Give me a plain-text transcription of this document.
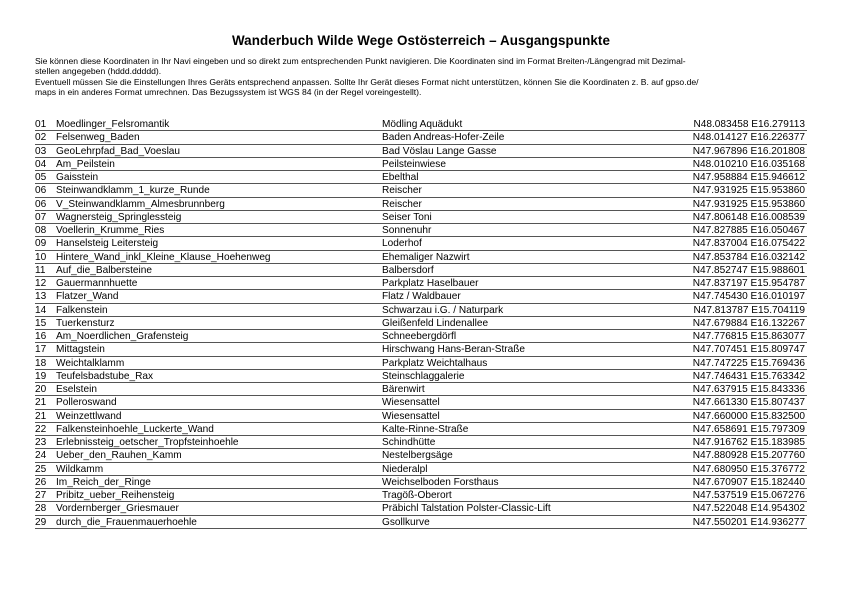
Wanderbuch Wilde Wege Ostösterreich – Ausgangspunkte

Sie können diese Koordinaten in Ihr Navi eingeben und so direkt zum entsprechenden Punkt navigieren. Die Koordinaten sind im Format Breiten-/Längengrad mit Dezimal-

stellen angegeben (hddd.ddddd).

Eventuell müssen Sie die Einstellungen Ihres Geräts entsprechend anpassen. Sollte Ihr Gerät dieses Format nicht unterstützen, können Sie die Koordinaten z. B. auf gpso.de/

maps in ein anderes Format umrechnen. Das Bezugssystem ist WGS 84 (in der Regel voreingestellt).

01 Moedlinger_Felsromantik	Mödling Aquädukt	N48.083458 E16.279113
02 Felsenweg_Baden	Baden Andreas-Hofer-Zeile	N48.014127 E16.226377
03 GeoLehrpfad_Bad_Voeslau	Bad Vöslau Lange Gasse	N47.967896 E16.201808
04 Am_Peilstein	Peilsteinwiese	N48.010210 E16.035168
05 Gaisstein	Ebelthal	N47.958884 E15.946612
06 Steinwandklamm_1_kurze_Runde	Reischer	N47.931925 E15.953860
06 V_Steinwandklamm_Almesbrunnberg	Reischer	N47.931925 E15.953860
07 Wagnersteig_Springlessteig	Seiser Toni	N47.806148 E16.008539
08 Voellerin_Krumme_Ries	Sonnenuhr	N47.827885 E16.050467
09 Hanselsteig Leitersteig	Loderhof	N47.837004 E16.075422
10 Hintere_Wand_inkl_Kleine_Klause_Hoehenweg	Ehemaliger Nazwirt	N47.853784 E16.032142
11 Auf_die_Balbersteine	Balbersdorf	N47.852747 E15.988601
12 Gauermannhuette	Parkplatz Haselbauer	N47.837197 E15.954787
13 Flatzer_Wand	Flatz / Waldbauer	N47.745430 E16.010197
14 Falkenstein	Schwarzau i.G. / Naturpark	N47.813787 E15.704119
15 Tuerkensturz	Gleißenfeld Lindenallee	N47.679884 E16.132267
16 Am_Noerdlichen_Grafensteig	Schneebergdörfl	N47.776815 E15.863077
17 Mittagstein	Hirschwang Hans-Beran-Straße	N47.707451 E15.809747
18 Weichtalklamm	Parkplatz Weichtalhaus	N47.747225 E15.769436
19 Teufelsbadstube_Rax	Steinschlaggalerie	N47.746431 E15.763342
20 Eselstein	Bärenwirt	N47.637915 E15.843336
21 Polleroswand	Wiesensattel	N47.661330 E15.807437
21 Weinzettlwand	Wiesensattel	N47.660000 E15.832500
22 Falkensteinhoehle_Luckerte_Wand	Kalte-Rinne-Straße	N47.658691 E15.797309
23 Erlebnissteig_oetscher_Tropfsteinhoehle	Schindhütte	N47.916762 E15.183985
24 Ueber_den_Rauhen_Kamm	Nestelbergsäge	N47.880928 E15.207760
25 Wildkamm	Niederalpl	N47.680950 E15.376772
26 Im_Reich_der_Ringe	Weichselboden Forsthaus	N47.670907 E15.182440
27 Pribitz_ueber_Reihensteig	Tragöß-Oberort	N47.537519 E15.067276
28 Vordernberger_Griesmauer	Präbichl Talstation Polster-Classic-Lift	N47.522048 E14.954302
29 durch_die_Frauenmauerhoehle	Gsollkurve	N47.550201 E14.936277
